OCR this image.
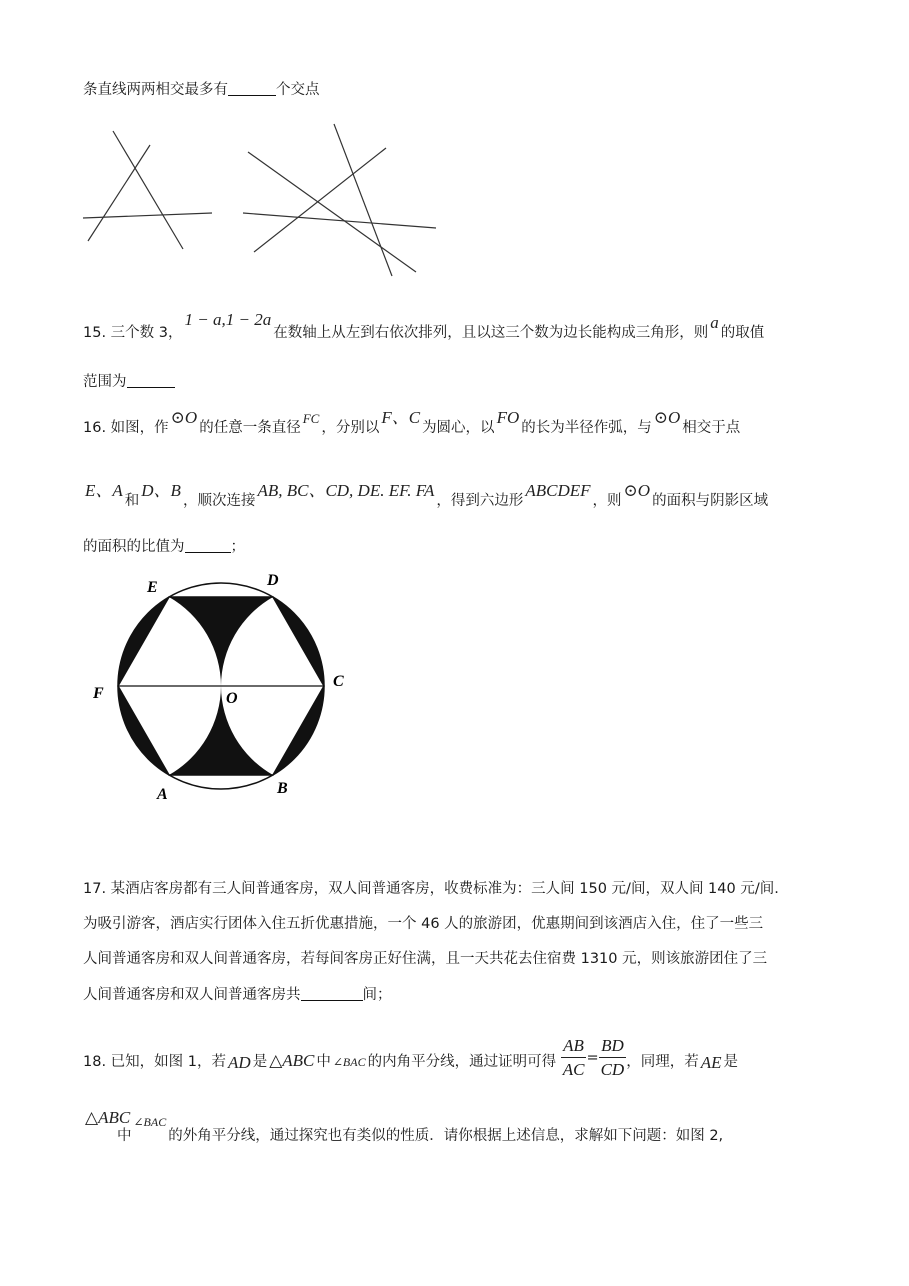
条直线两两相交最多有	个交点
15. 三个数 3，1 − a,1 − 2a在数轴上从左到右依次排列，且以这三个数为边长能构成三角形，则a的取值
范围为
16. 如图，作⊙O的任意一条直径FC，分别以F、C为圆心，以FO的长为半径作弧，与⊙O相交于点
E、A和D、B，顺次连接AB, BC、CD, DE. EF. FA，得到六边形ABCDEF，则⊙O的面积与阴影区域
的面积的比值为	；
E	D
F	O
C
A	B
17. 某酒店客房都有三人间普通客房，双人间普通客房，收费标准为：三人间 150 元/间，双人间 140 元/间.
为吸引游客，酒店实行团体入住五折优惠措施，一个 46 人的旅游团，优惠期间到该酒店入住，住了一些三
人间普通客房和双人间普通客房，若每间客房正好住满，且一天共花去住宿费 1310 元，则该旅游团住了三
人间普通客房和双人间普通客房共	间；
18. 已知，如图 1，若 AD 是 △ABC 中 ∠BAC 的内角平分线，通过证明可得 $\frac{AB}{AC} = \frac{BD}{CD}$ ，同理，若 AE 是
△ABC
中$^{\angle BAC}$的外角平分线，通过探究也有类似的性质．请你根据上述信息，求解如下问题：如图 2,
